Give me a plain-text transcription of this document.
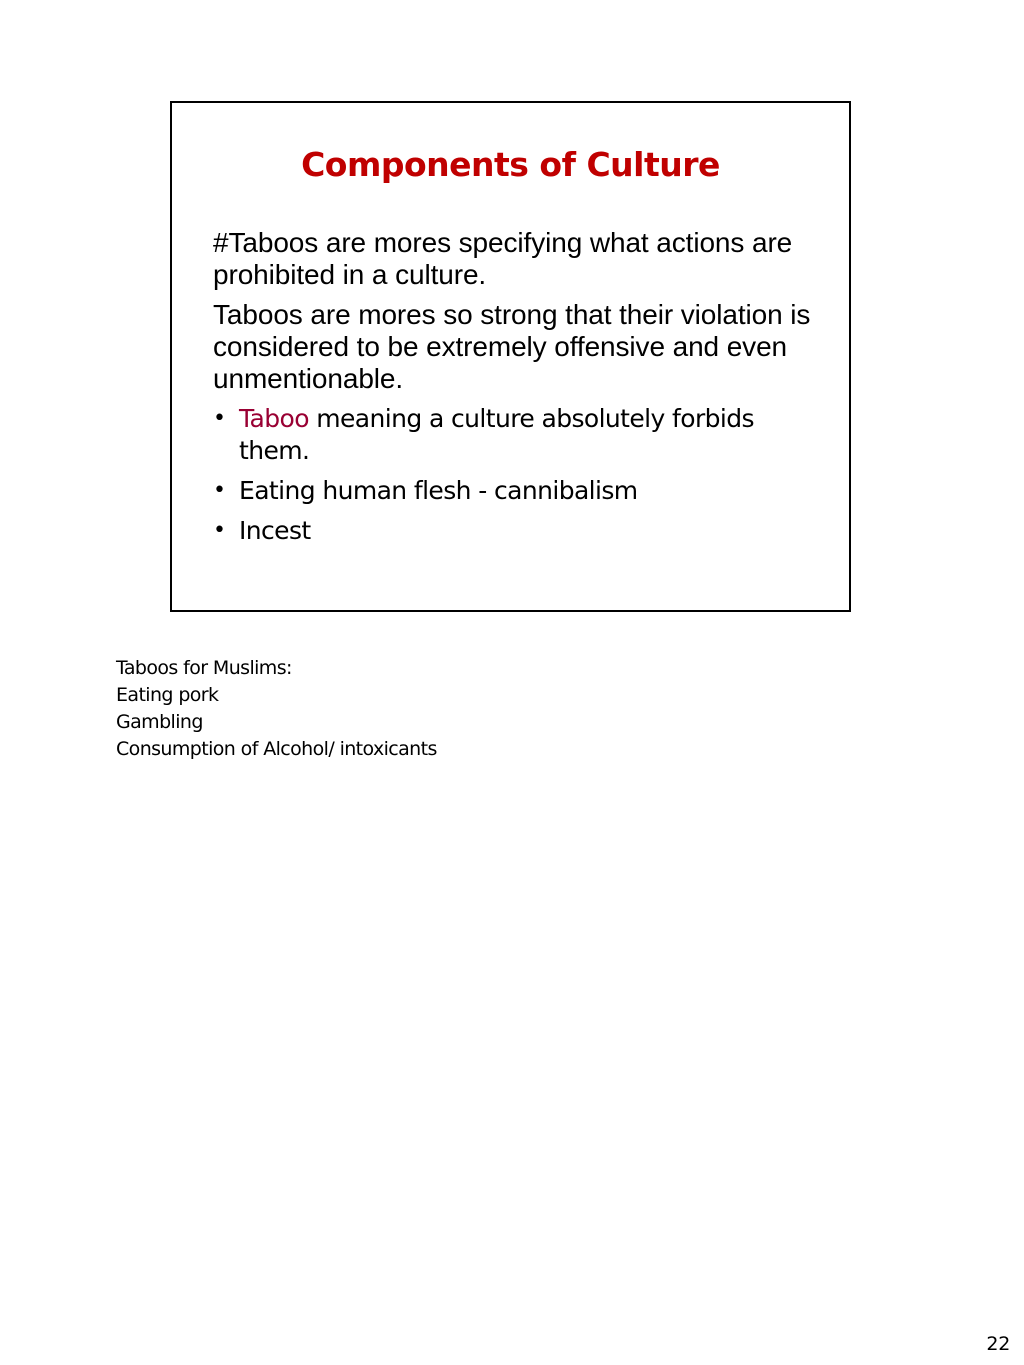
Components of Culture

#Taboos are mores specifying what actions are prohibited in a culture.

Taboos are mores so strong that their violation is considered to be extremely offensive and even unmentionable.

• Taboo meaning a culture absolutely forbids them.
• Eating human flesh - cannibalism
• Incest
Taboos for Muslims:
Eating pork
Gambling
Consumption of Alcohol/ intoxicants
22
